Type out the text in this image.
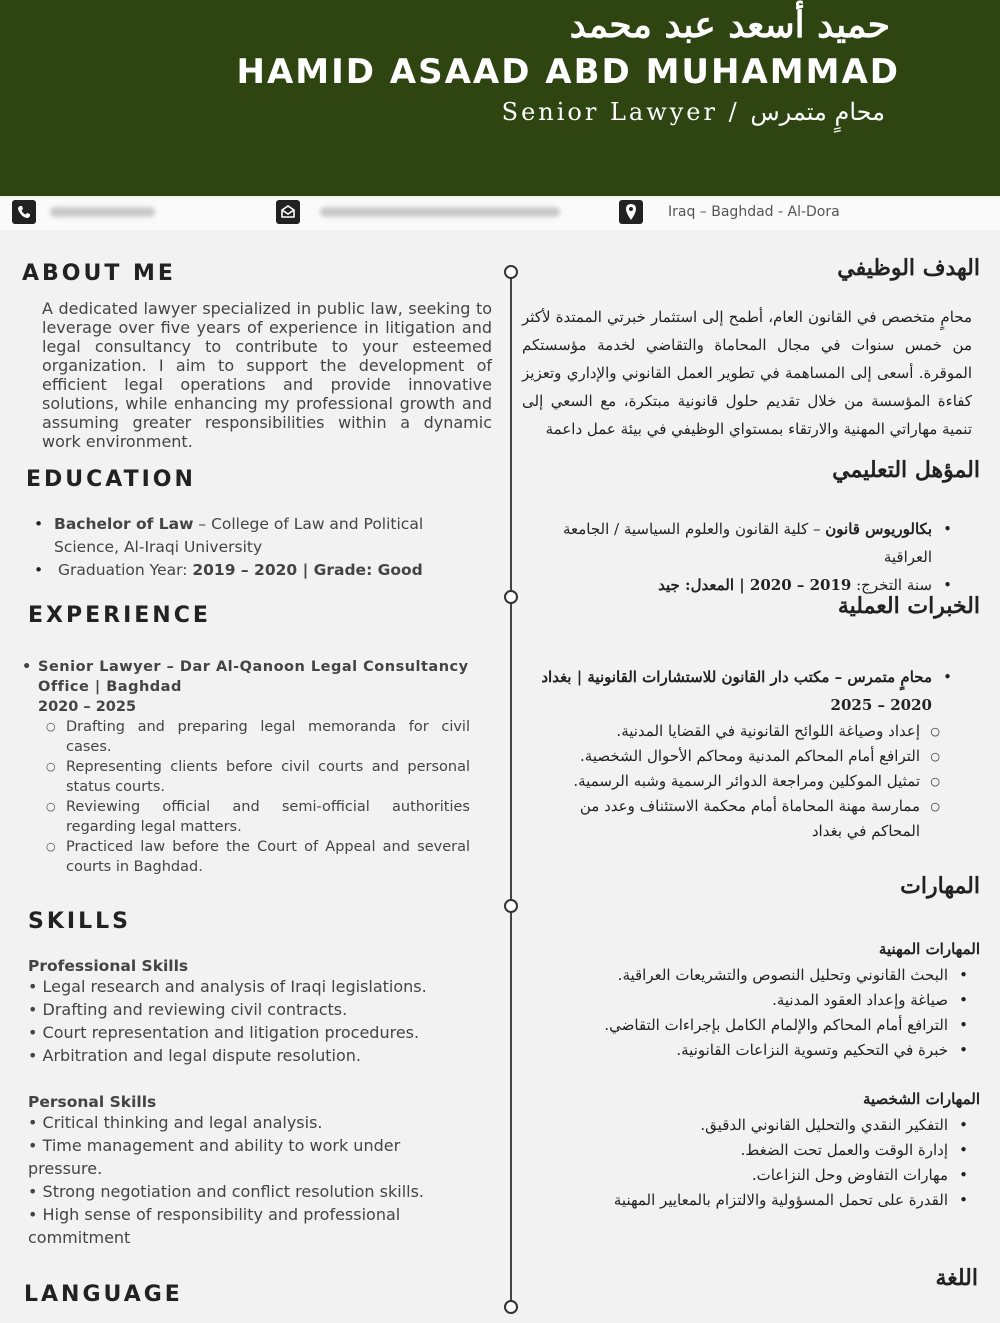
حميد أسعد عبد محمد
HAMID ASAAD ABD MUHAMMAD
Senior Lawyer / محامٍ متمرس
Iraq – Baghdad - Al-Dora
ABOUT ME
A dedicated lawyer specialized in public law, seeking to leverage over five years of experience in litigation and legal consultancy to contribute to your esteemed organization. I aim to support the development of efficient legal operations and provide innovative solutions, while enhancing my professional growth and assuming greater responsibilities within a dynamic work environment.
EDUCATION
• Bachelor of Law – College of Law and Political Science, Al-Iraqi University
• Graduation Year: 2019 – 2020 | Grade: Good
EXPERIENCE
• Senior Lawyer – Dar Al-Qanoon Legal Consultancy Office | Baghdad
2020 – 2025
○ Drafting and preparing legal memoranda for civil cases.
○ Representing clients before civil courts and personal status courts.
○ Reviewing official and semi-official authorities regarding legal matters.
○ Practiced law before the Court of Appeal and several courts in Baghdad.
SKILLS
Professional Skills
• Legal research and analysis of Iraqi legislations.
• Drafting and reviewing civil contracts.
• Court representation and litigation procedures.
• Arbitration and legal dispute resolution.
Personal Skills
• Critical thinking and legal analysis.
• Time management and ability to work under pressure.
• Strong negotiation and conflict resolution skills.
• High sense of responsibility and professional commitment
LANGUAGE
الهدف الوظيفي
محامٍ متخصص في القانون العام، أطمح إلى استثمار خبرتي الممتدة لأكثر من خمس سنوات في مجال المحاماة والتقاضي لخدمة مؤسستكم الموقرة. أسعى إلى المساهمة في تطوير العمل القانوني والإداري وتعزيز كفاءة المؤسسة من خلال تقديم حلول قانونية مبتكرة، مع السعي إلى تنمية مهاراتي المهنية والارتقاء بمستواي الوظيفي في بيئة عمل داعمة
المؤهل التعليمي
• بكالوريوس قانون – كلية القانون والعلوم السياسية / الجامعة العراقية
• سنة التخرج: 2019 – 2020 | المعدل: جيد
الخبرات العملية
• محامٍ متمرس – مكتب دار القانون للاستشارات القانونية | بغداد
2020 – 2025
○ إعداد وصياغة اللوائح القانونية في القضايا المدنية.
○ الترافع أمام المحاكم المدنية ومحاكم الأحوال الشخصية.
○ تمثيل الموكلين ومراجعة الدوائر الرسمية وشبه الرسمية.
○ ممارسة مهنة المحاماة أمام محكمة الاستئناف وعدد من المحاكم في بغداد
المهارات
المهارات المهنية
• البحث القانوني وتحليل النصوص والتشريعات العراقية.
• صياغة وإعداد العقود المدنية.
• الترافع أمام المحاكم والإلمام الكامل بإجراءات التقاضي.
• خبرة في التحكيم وتسوية النزاعات القانونية.
المهارات الشخصية
• التفكير النقدي والتحليل القانوني الدقيق.
• إدارة الوقت والعمل تحت الضغط.
• مهارات التفاوض وحل النزاعات.
• القدرة على تحمل المسؤولية والالتزام بالمعايير المهنية
اللغة
